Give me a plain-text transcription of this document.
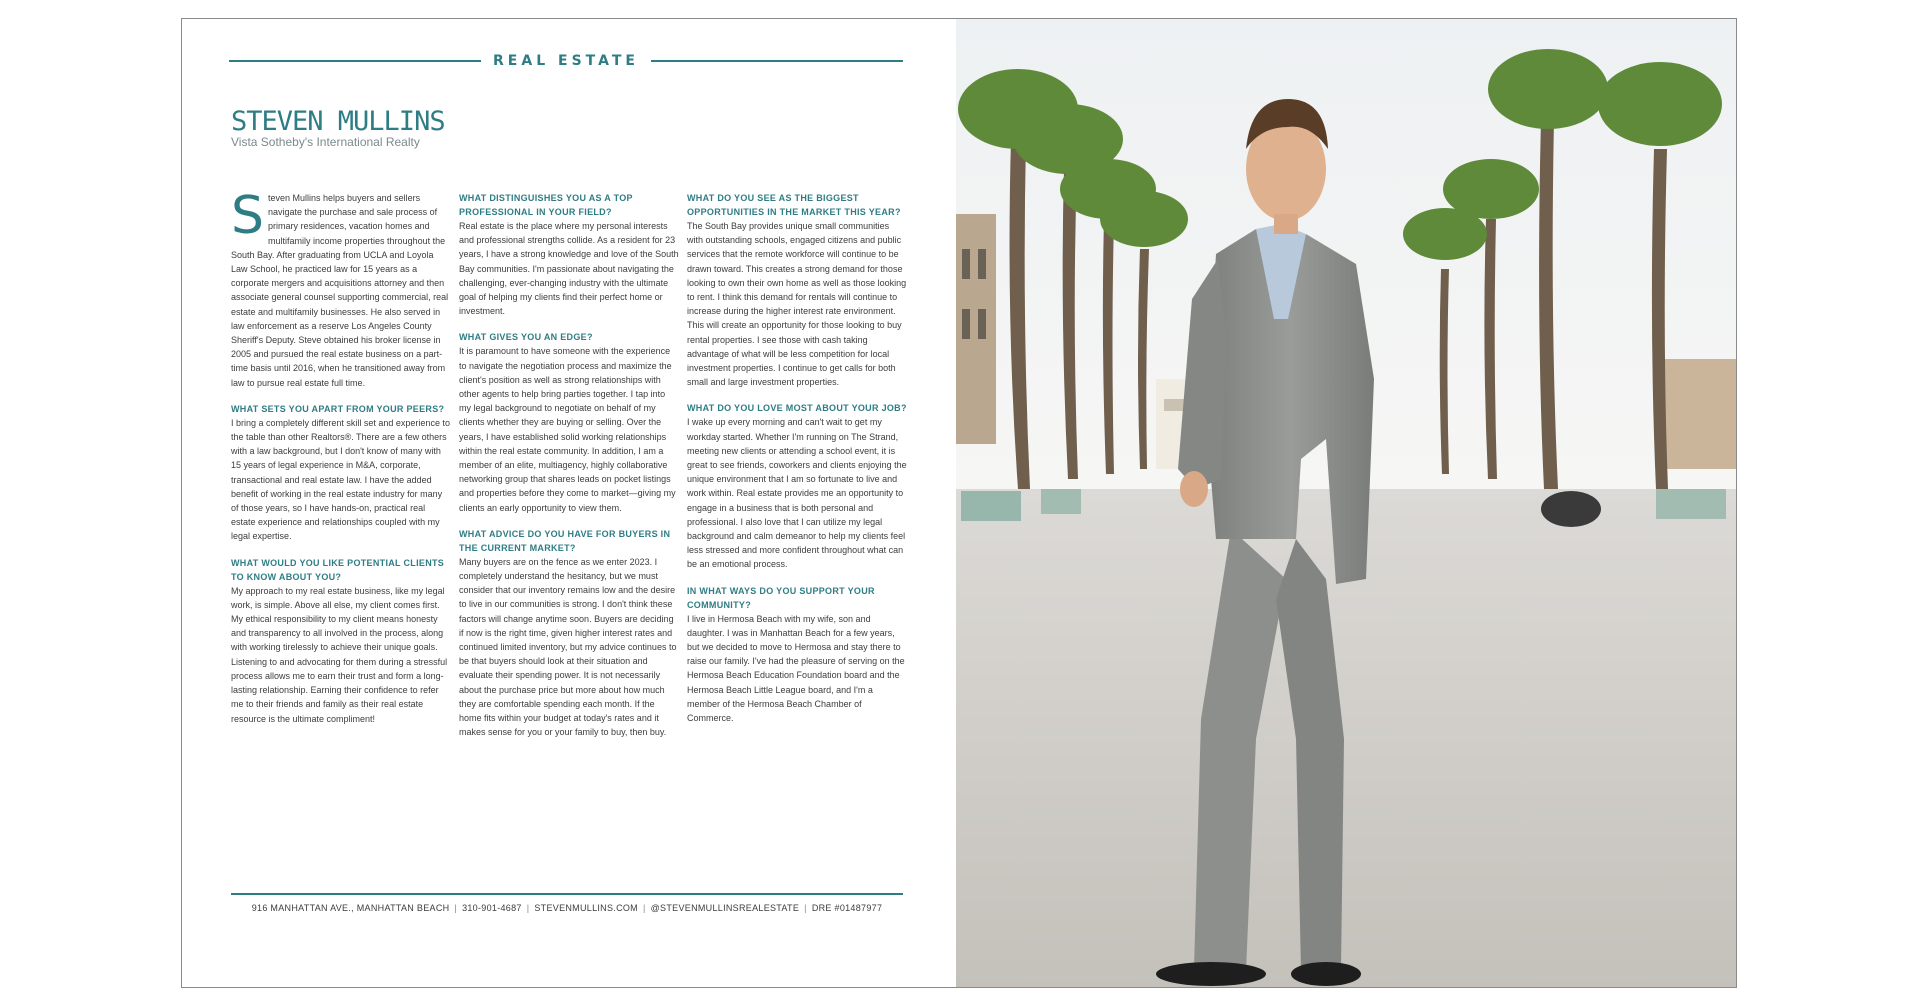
REAL ESTATE
STEVEN MULLINS
Vista Sotheby's International Realty

Steven Mullins helps buyers and sellers navigate the purchase and sale process of primary residences, vacation homes and multifamily income properties throughout the South Bay. After graduating from UCLA and Loyola Law School, he practiced law for 15 years as a corporate mergers and acquisitions attorney and then associate general counsel supporting commercial, real estate and multifamily businesses. He also served in law enforcement as a reserve Los Angeles County Sheriff's Deputy. Steve obtained his broker license in 2005 and pursued the real estate business on a part-time basis until 2016, when he transitioned away from law to pursue real estate full time.

WHAT SETS YOU APART FROM YOUR PEERS?

I bring a completely different skill set and experience to the table than other Realtors®. There are a few others with a law background, but I don't know of many with 15 years of legal experience in M&A, corporate, transactional and real estate law. I have the added benefit of working in the real estate industry for many of those years, so I have hands-on, practical real estate experience and relationships coupled with my legal expertise.

WHAT WOULD YOU LIKE POTENTIAL CLIENTS TO KNOW ABOUT YOU?

My approach to my real estate business, like my legal work, is simple. Above all else, my client comes first. My ethical responsibility to my client means honesty and transparency to all involved in the process, along with working tirelessly to achieve their unique goals. Listening to and advocating for them during a stressful process allows me to earn their trust and form a long-lasting relationship. Earning their confidence to refer me to their friends and family as their real estate resource is the ultimate compliment!

WHAT DISTINGUISHES YOU AS A TOP PROFESSIONAL IN YOUR FIELD?

Real estate is the place where my personal interests and professional strengths collide. As a resident for 23 years, I have a strong knowledge and love of the South Bay communities. I'm passionate about navigating the challenging, ever-changing industry with the ultimate goal of helping my clients find their perfect home or investment.

WHAT GIVES YOU AN EDGE?

It is paramount to have someone with the experience to navigate the negotiation process and maximize the client's position as well as strong relationships with other agents to help bring parties together. I tap into my legal background to negotiate on behalf of my clients whether they are buying or selling. Over the years, I have established solid working relationships within the real estate community. In addition, I am a member of an elite, multiagency, highly collaborative networking group that shares leads on pocket listings and properties before they come to market—giving my clients an early opportunity to view them.

WHAT ADVICE DO YOU HAVE FOR BUYERS IN THE CURRENT MARKET?

Many buyers are on the fence as we enter 2023. I completely understand the hesitancy, but we must consider that our inventory remains low and the desire to live in our communities is strong. I don't think these factors will change anytime soon. Buyers are deciding if now is the right time, given higher interest rates and continued limited inventory, but my advice continues to be that buyers should look at their situation and evaluate their spending power. It is not necessarily about the purchase price but more about how much they are comfortable spending each month. If the home fits within your budget at today's rates and it makes sense for you or your family to buy, then buy.

WHAT DO YOU SEE AS THE BIGGEST OPPORTUNITIES IN THE MARKET THIS YEAR?

The South Bay provides unique small communities with outstanding schools, engaged citizens and public services that the remote workforce will continue to be drawn toward. This creates a strong demand for those looking to own their own home as well as those looking to rent. I think this demand for rentals will continue to increase during the higher interest rate environment. This will create an opportunity for those looking to buy rental properties. I see those with cash taking advantage of what will be less competition for local investment properties. I continue to get calls for both small and large investment properties.

WHAT DO YOU LOVE MOST ABOUT YOUR JOB?

I wake up every morning and can't wait to get my workday started. Whether I'm running on The Strand, meeting new clients or attending a school event, it is great to see friends, coworkers and clients enjoying the unique environment that I am so fortunate to live and work within. Real estate provides me an opportunity to engage in a business that is both personal and professional. I also love that I can utilize my legal background and calm demeanor to help my clients feel less stressed and more confident throughout what can be an emotional process.

IN WHAT WAYS DO YOU SUPPORT YOUR COMMUNITY?

I live in Hermosa Beach with my wife, son and daughter. I was in Manhattan Beach for a few years, but we decided to move to Hermosa and stay there to raise our family. I've had the pleasure of serving on the Hermosa Beach Education Foundation board and the Hermosa Beach Little League board, and I'm a member of the Hermosa Beach Chamber of Commerce.

916 MANHATTAN AVE., MANHATTAN BEACH | 310-901-4687 | STEVENMULLINS.COM | @STEVENMULLINSREALESTATE | DRE #01487977
